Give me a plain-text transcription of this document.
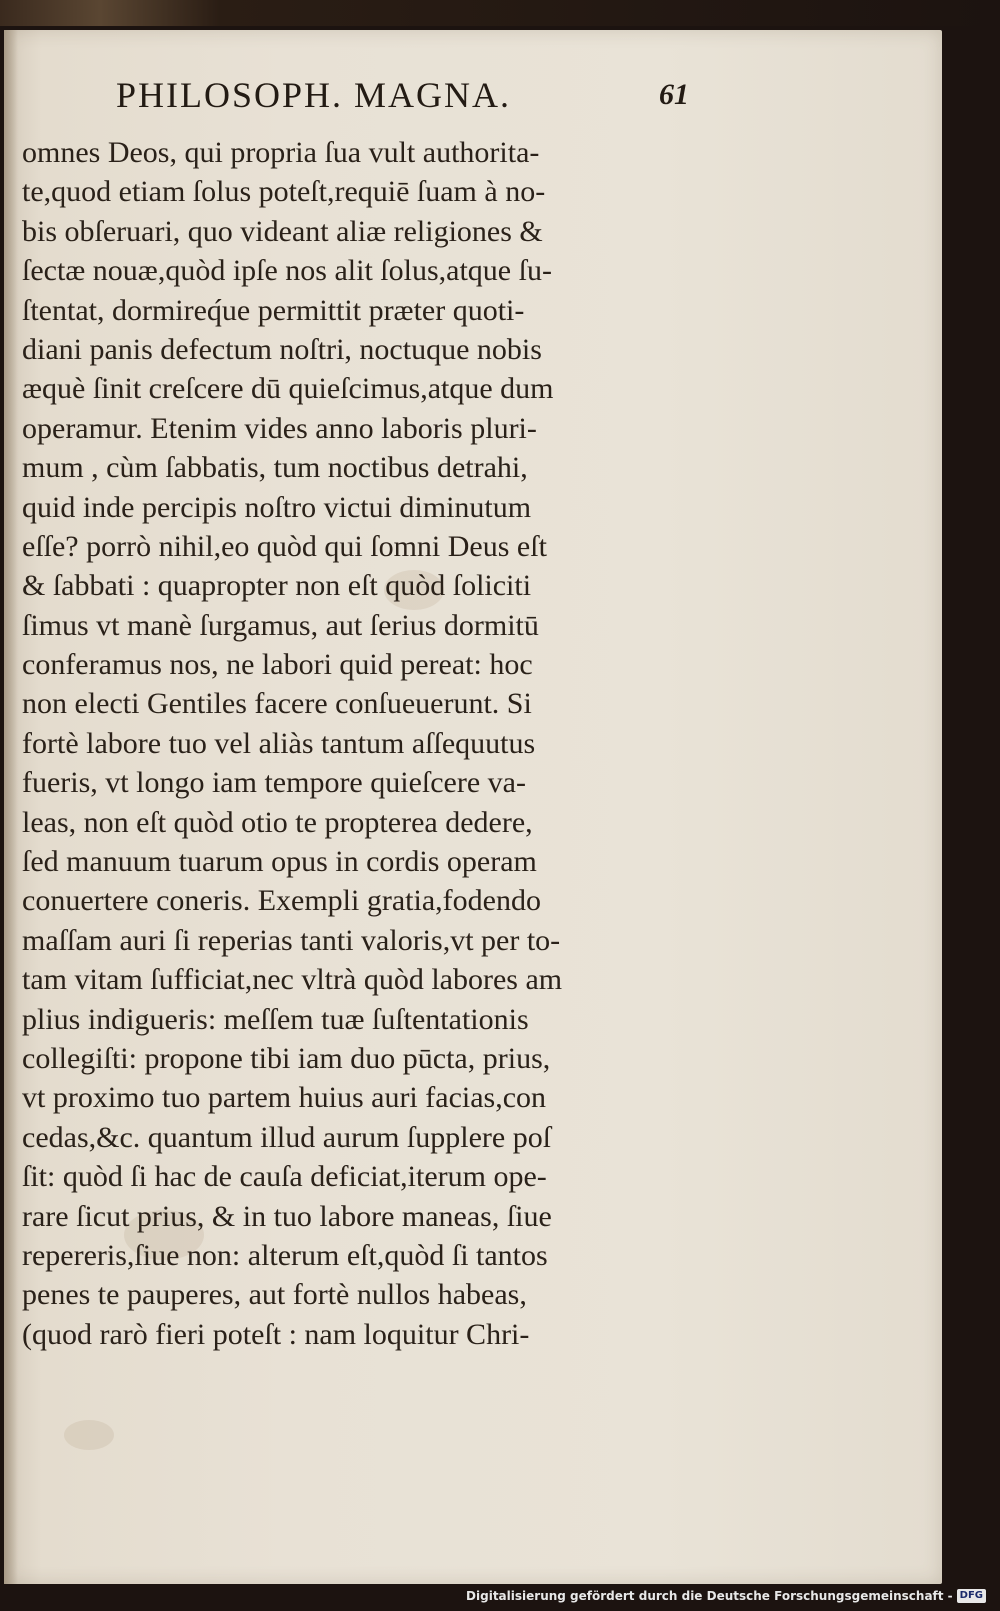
PHILOSOPH. MAGNA.	61
omnes Deos, qui propria ſua vult authorita-
te,quod etiam ſolus poteſt,requiē ſuam à no-
bis obſeruari, quo videant aliæ religiones &
ſectæ nouæ,quòd ipſe nos alit ſolus,atque ſu-
ſtentat, dormireq́ue permittit præter quoti-
diani panis defectum noſtri, noctuque nobis
æquè ſinit creſcere dū quieſcimus,atque dum
operamur. Etenim vides anno laboris pluri-
mum , cùm ſabbatis, tum noctibus detrahi,
quid inde percipis noſtro victui diminutum
eſſe? porrò nihil,eo quòd qui ſomni Deus eſt
& ſabbati : quapropter non eſt quòd ſoliciti
ſimus vt manè ſurgamus, aut ſerius dormitū
conferamus nos, ne labori quid pereat: hoc
non electi Gentiles facere conſueuerunt. Si
fortè labore tuo vel aliàs tantum aſſequutus
fueris, vt longo iam tempore quieſcere va-
leas, non eſt quòd otio te propterea dedere,
ſed manuum tuarum opus in cordis operam
conuertere coneris. Exempli gratia,fodendo
maſſam auri ſi reperias tanti valoris,vt per to-
tam vitam ſufficiat,nec vltrà quòd labores am
plius indigueris: meſſem tuæ ſuſtentationis
collegiſti: propone tibi iam duo pūcta, prius,
vt proximo tuo partem huius auri facias,con
cedas,&c. quantum illud aurum ſupplere poſ
ſit: quòd ſi hac de cauſa deficiat,iterum ope-
rare ſicut prius, & in tuo labore maneas, ſiue
repereris,ſiue non: alterum eſt,quòd ſi tantos
penes te pauperes, aut fortè nullos habeas,
(quod rarò fieri poteſt : nam loquitur Chri-
Digitalisierung gefördert durch die Deutsche Forschungsgemeinschaft - DFG
